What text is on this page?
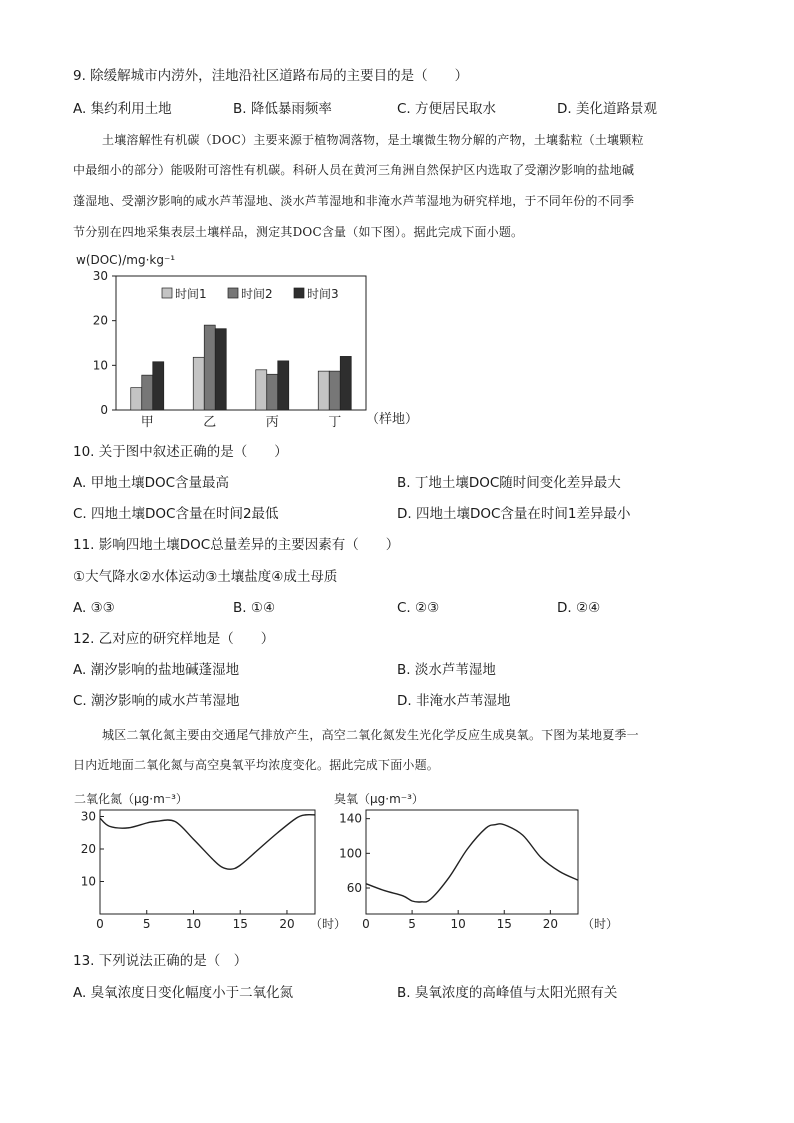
9. 除缓解城市内涝外，洼地沿社区道路布局的主要目的是（　　）
A. 集约利用土地	B. 降低暴雨频率	C. 方便居民取水	D. 美化道路景观
土壤溶解性有机碳（DOC）主要来源于植物凋落物，是土壤微生物分解的产物，土壤黏粒（土壤颗粒
中最细小的部分）能吸附可溶性有机碳。科研人员在黄河三角洲自然保护区内选取了受潮汐影响的盐地碱
蓬湿地、受潮汐影响的咸水芦苇湿地、淡水芦苇湿地和非淹水芦苇湿地为研究样地，于不同年份的不同季
节分别在四地采集表层土壤样品，测定其DOC含量（如下图）。据此完成下面小题。
w(DOC)/mg·kg⁻¹
0
10
20
30
甲	乙	丙	丁
时间1	时间2	时间3
（样地）
10. 关于图中叙述正确的是（　　）
A. 甲地土壤DOC含量最高	B. 丁地土壤DOC随时间变化差异最大
C. 四地土壤DOC含量在时间2最低	D. 四地土壤DOC含量在时间1差异最小
11. 影响四地土壤DOC总量差异的主要因素有（　　）
①大气降水②水体运动③土壤盐度④成土母质
A. ③③	B. ①④	C. ②③	D. ②④
12. 乙对应的研究样地是（　　）
A. 潮汐影响的盐地碱蓬湿地	B. 淡水芦苇湿地
C. 潮汐影响的咸水芦苇湿地	D. 非淹水芦苇湿地
城区二氧化氮主要由交通尾气排放产生，高空二氧化氮发生光化学反应生成臭氧。下图为某地夏季一
日内近地面二氧化氮与高空臭氧平均浓度变化。据此完成下面小题。
二氧化氮（μg·m⁻³）
10
20
30
0	5	10	15	20 （时）
臭氧（μg·m⁻³）
60
100
140
0	5	10	15	20 （时）
13. 下列说法正确的是（　）
A. 臭氧浓度日变化幅度小于二氧化氮	B. 臭氧浓度的高峰值与太阳光照有关
